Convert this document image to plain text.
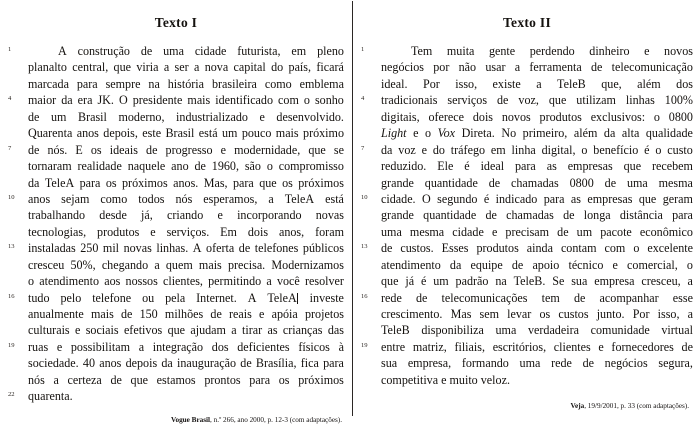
Texto I
1	A construção de uma cidade futurista, em pleno
planalto central, que viria a ser a nova capital do país, ficará
marcada para sempre na história brasileira como emblema
4	maior da era JK. O presidente mais identificado com o sonho
de um Brasil moderno, industrializado e desenvolvido.
Quarenta anos depois, este Brasil está um pouco mais próximo
7	de nós. E os ideais de progresso e modernidade, que se
tornaram realidade naquele ano de 1960, são o compromisso
da TeleA para os próximos anos. Mas, para que os próximos
10	anos sejam como todos nós esperamos, a TeleA está
trabalhando desde já, criando e incorporando novas
tecnologias, produtos e serviços. Em dois anos, foram
13	instaladas 250 mil novas linhas. A oferta de telefones públicos
cresceu 50%, chegando a quem mais precisa. Modernizamos
o atendimento aos nossos clientes, permitindo a você resolver
16	tudo pelo telefone ou pela Internet. A TeleA investe
anualmente mais de 150 milhões de reais e apóia projetos
culturais e sociais efetivos que ajudam a tirar as crianças das
19	ruas e possibilitam a integração dos deficientes físicos à
sociedade. 40 anos depois da inauguração de Brasília, fica para
nós a certeza de que estamos prontos para os próximos
22	quarenta.
Vogue Brasil, n.º 266, ano 2000, p. 12-3 (com adaptações).
Texto II
1	Tem muita gente perdendo dinheiro e novos
negócios por não usar a ferramenta de telecomunicação
ideal. Por isso, existe a TeleB que, além dos
4	tradicionais serviços de voz, que utilizam linhas 100%
digitais, oferece dois novos produtos exclusivos: o 0800
Light e o Vox Direta. No primeiro, além da alta qualidade
7	da voz e do tráfego em linha digital, o benefício é o custo
reduzido. Ele é ideal para as empresas que recebem
grande quantidade de chamadas 0800 de uma mesma
10	cidade. O segundo é indicado para as empresas que geram
grande quantidade de chamadas de longa distância para
uma mesma cidade e precisam de um pacote econômico
13	de custos. Esses produtos ainda contam com o excelente
atendimento da equipe de apoio técnico e comercial, o
que já é um padrão na TeleB. Se sua empresa cresceu, a
16	rede de telecomunicações tem de acompanhar esse
crescimento. Mas sem levar os custos junto. Por isso, a
TeleB disponibiliza uma verdadeira comunidade virtual
19	entre matriz, filiais, escritórios, clientes e fornecedores de
sua empresa, formando uma rede de negócios segura,
competitiva e muito veloz.
Veja, 19/9/2001, p. 33 (com adaptações).
